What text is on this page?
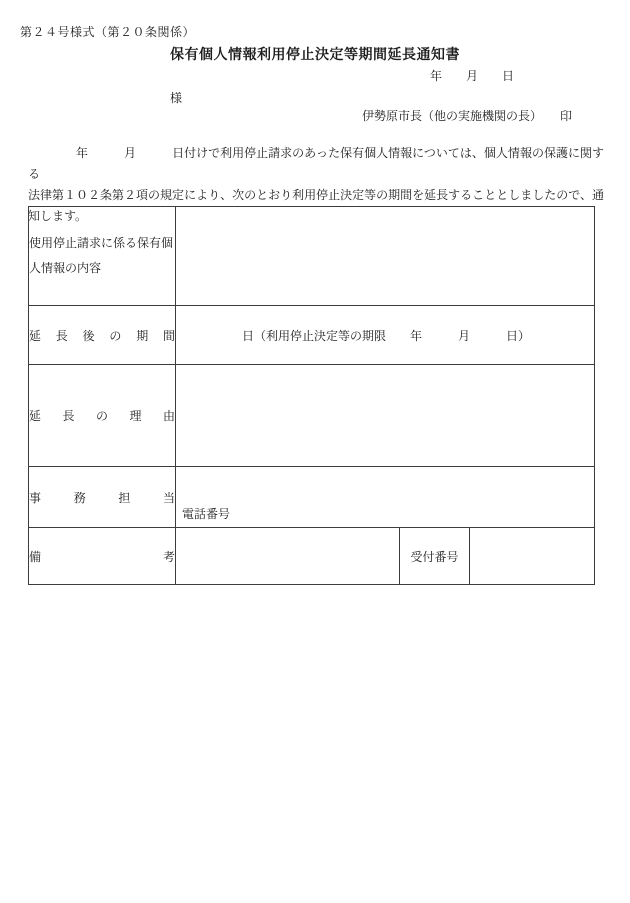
第２４号様式（第２０条関係）
保有個人情報利用停止決定等期間延長通知書
年　　月　　日
様
伊勢原市長（他の実施機関の長）　　印
　　　　年　　　月　　　日付けで利用停止請求のあった保有個人情報については、個人情報の保護に関する
法律第１０２条第２項の規定により、次のとおり利用停止決定等の期間を延長することとしましたので、通
知します。
使用停止請求に係る保有個人情報の内容			

延 長 後 の 期 間	日（利用停止決定等の期限　　年　　　月　　　日）

延 長 の 理 由			

事 務 担 当	電話番号		

備 考		受付番号	
